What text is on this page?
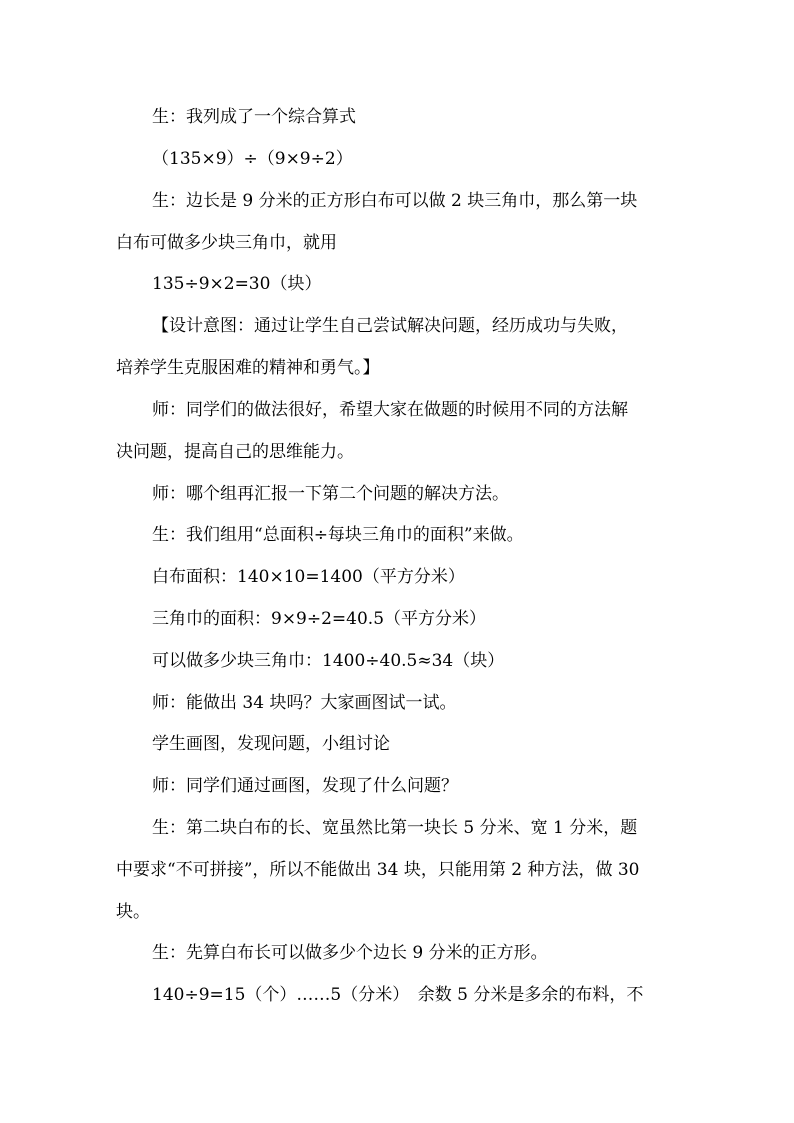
生：我列成了一个综合算式

（135×9）÷（9×9÷2）

生：边长是 9 分米的正方形白布可以做 2 块三角巾，那么第一块

白布可做多少块三角巾，就用

135÷9×2=30（块）

【设计意图：通过让学生自己尝试解决问题，经历成功与失败，

培养学生克服困难的精神和勇气。】

师：同学们的做法很好，希望大家在做题的时候用不同的方法解

决问题，提高自己的思维能力。

师：哪个组再汇报一下第二个问题的解决方法。

生：我们组用“总面积÷每块三角巾的面积”来做。

白布面积：140×10=1400（平方分米）

三角巾的面积：9×9÷2=40.5（平方分米）

可以做多少块三角巾：1400÷40.5≈34（块）

师：能做出 34 块吗？大家画图试一试。

学生画图，发现问题，小组讨论

师：同学们通过画图，发现了什么问题？

生：第二块白布的长、宽虽然比第一块长 5 分米、宽 1 分米，题

中要求“不可拼接”，所以不能做出 34 块，只能用第 2 种方法，做 30

块。

生：先算白布长可以做多少个边长 9 分米的正方形。

140÷9=15（个）……5（分米）　余数 5 分米是多余的布料，不
